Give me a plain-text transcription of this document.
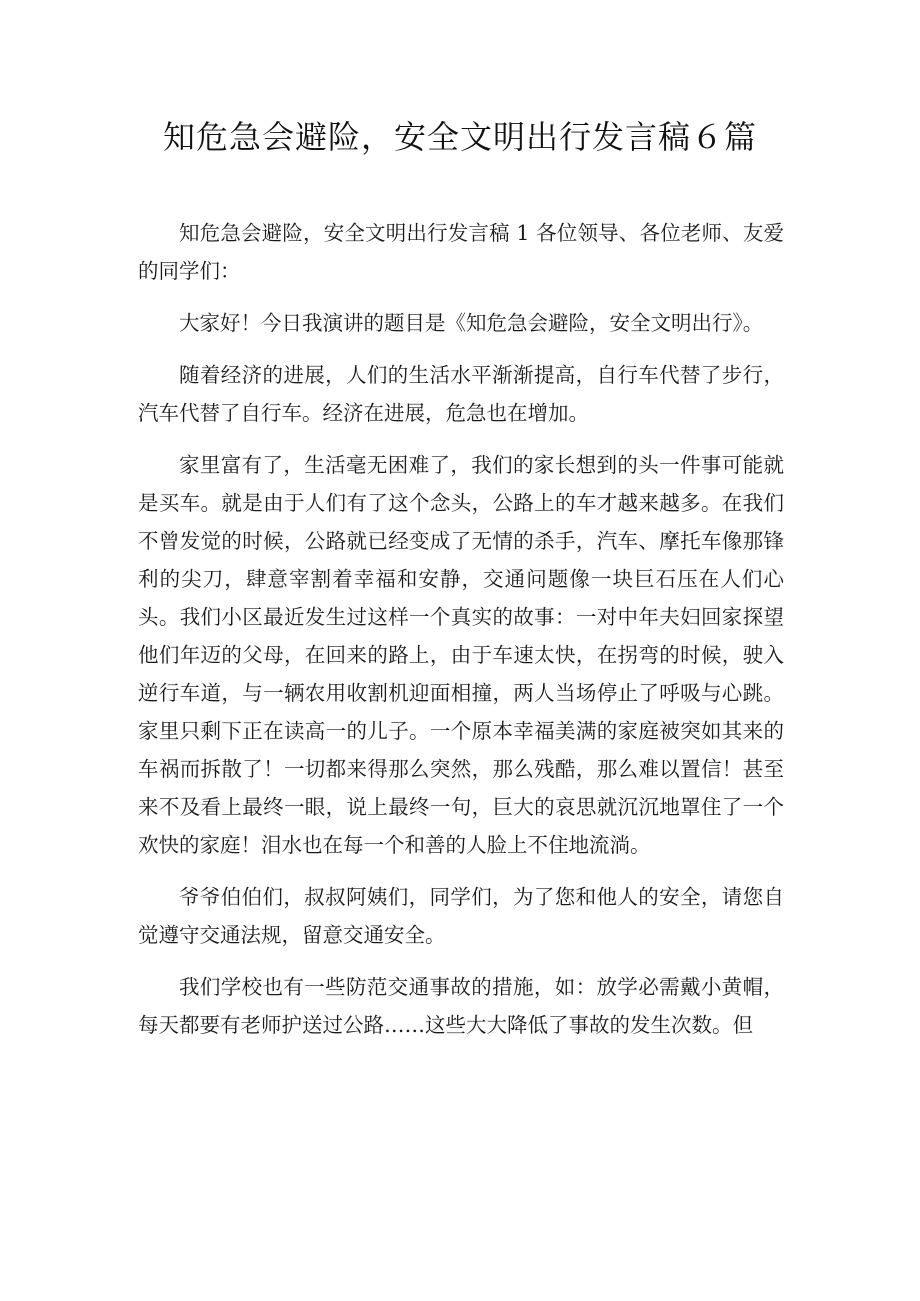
知危急会避险，安全文明出行发言稿６篇

知危急会避险，安全文明出行发言稿 1 各位领导、各位老师、友爱的同学们：

大家好！今日我演讲的题目是《知危急会避险，安全文明出行》。

随着经济的进展，人们的生活水平渐渐提高，自行车代替了步行，汽车代替了自行车。经济在进展，危急也在增加。

家里富有了，生活毫无困难了，我们的家长想到的头一件事可能就是买车。就是由于人们有了这个念头，公路上的车才越来越多。在我们不曾发觉的时候，公路就已经变成了无情的杀手，汽车、摩托车像那锋利的尖刀，肆意宰割着幸福和安静，交通问题像一块巨石压在人们心头。我们小区最近发生过这样一个真实的故事：一对中年夫妇回家探望他们年迈的父母，在回来的路上，由于车速太快，在拐弯的时候，驶入逆行车道，与一辆农用收割机迎面相撞，两人当场停止了呼吸与心跳。家里只剩下正在读高一的儿子。一个原本幸福美满的家庭被突如其来的车祸而拆散了！一切都来得那么突然，那么残酷，那么难以置信！甚至来不及看上最终一眼，说上最终一句，巨大的哀思就沉沉地罩住了一个欢快的家庭！泪水也在每一个和善的人脸上不住地流淌。

爷爷伯伯们，叔叔阿姨们，同学们，为了您和他人的安全，请您自觉遵守交通法规，留意交通安全。

我们学校也有一些防范交通事故的措施，如：放学必需戴小黄帽，每天都要有老师护送过公路……这些大大降低了事故的发生次数。但
